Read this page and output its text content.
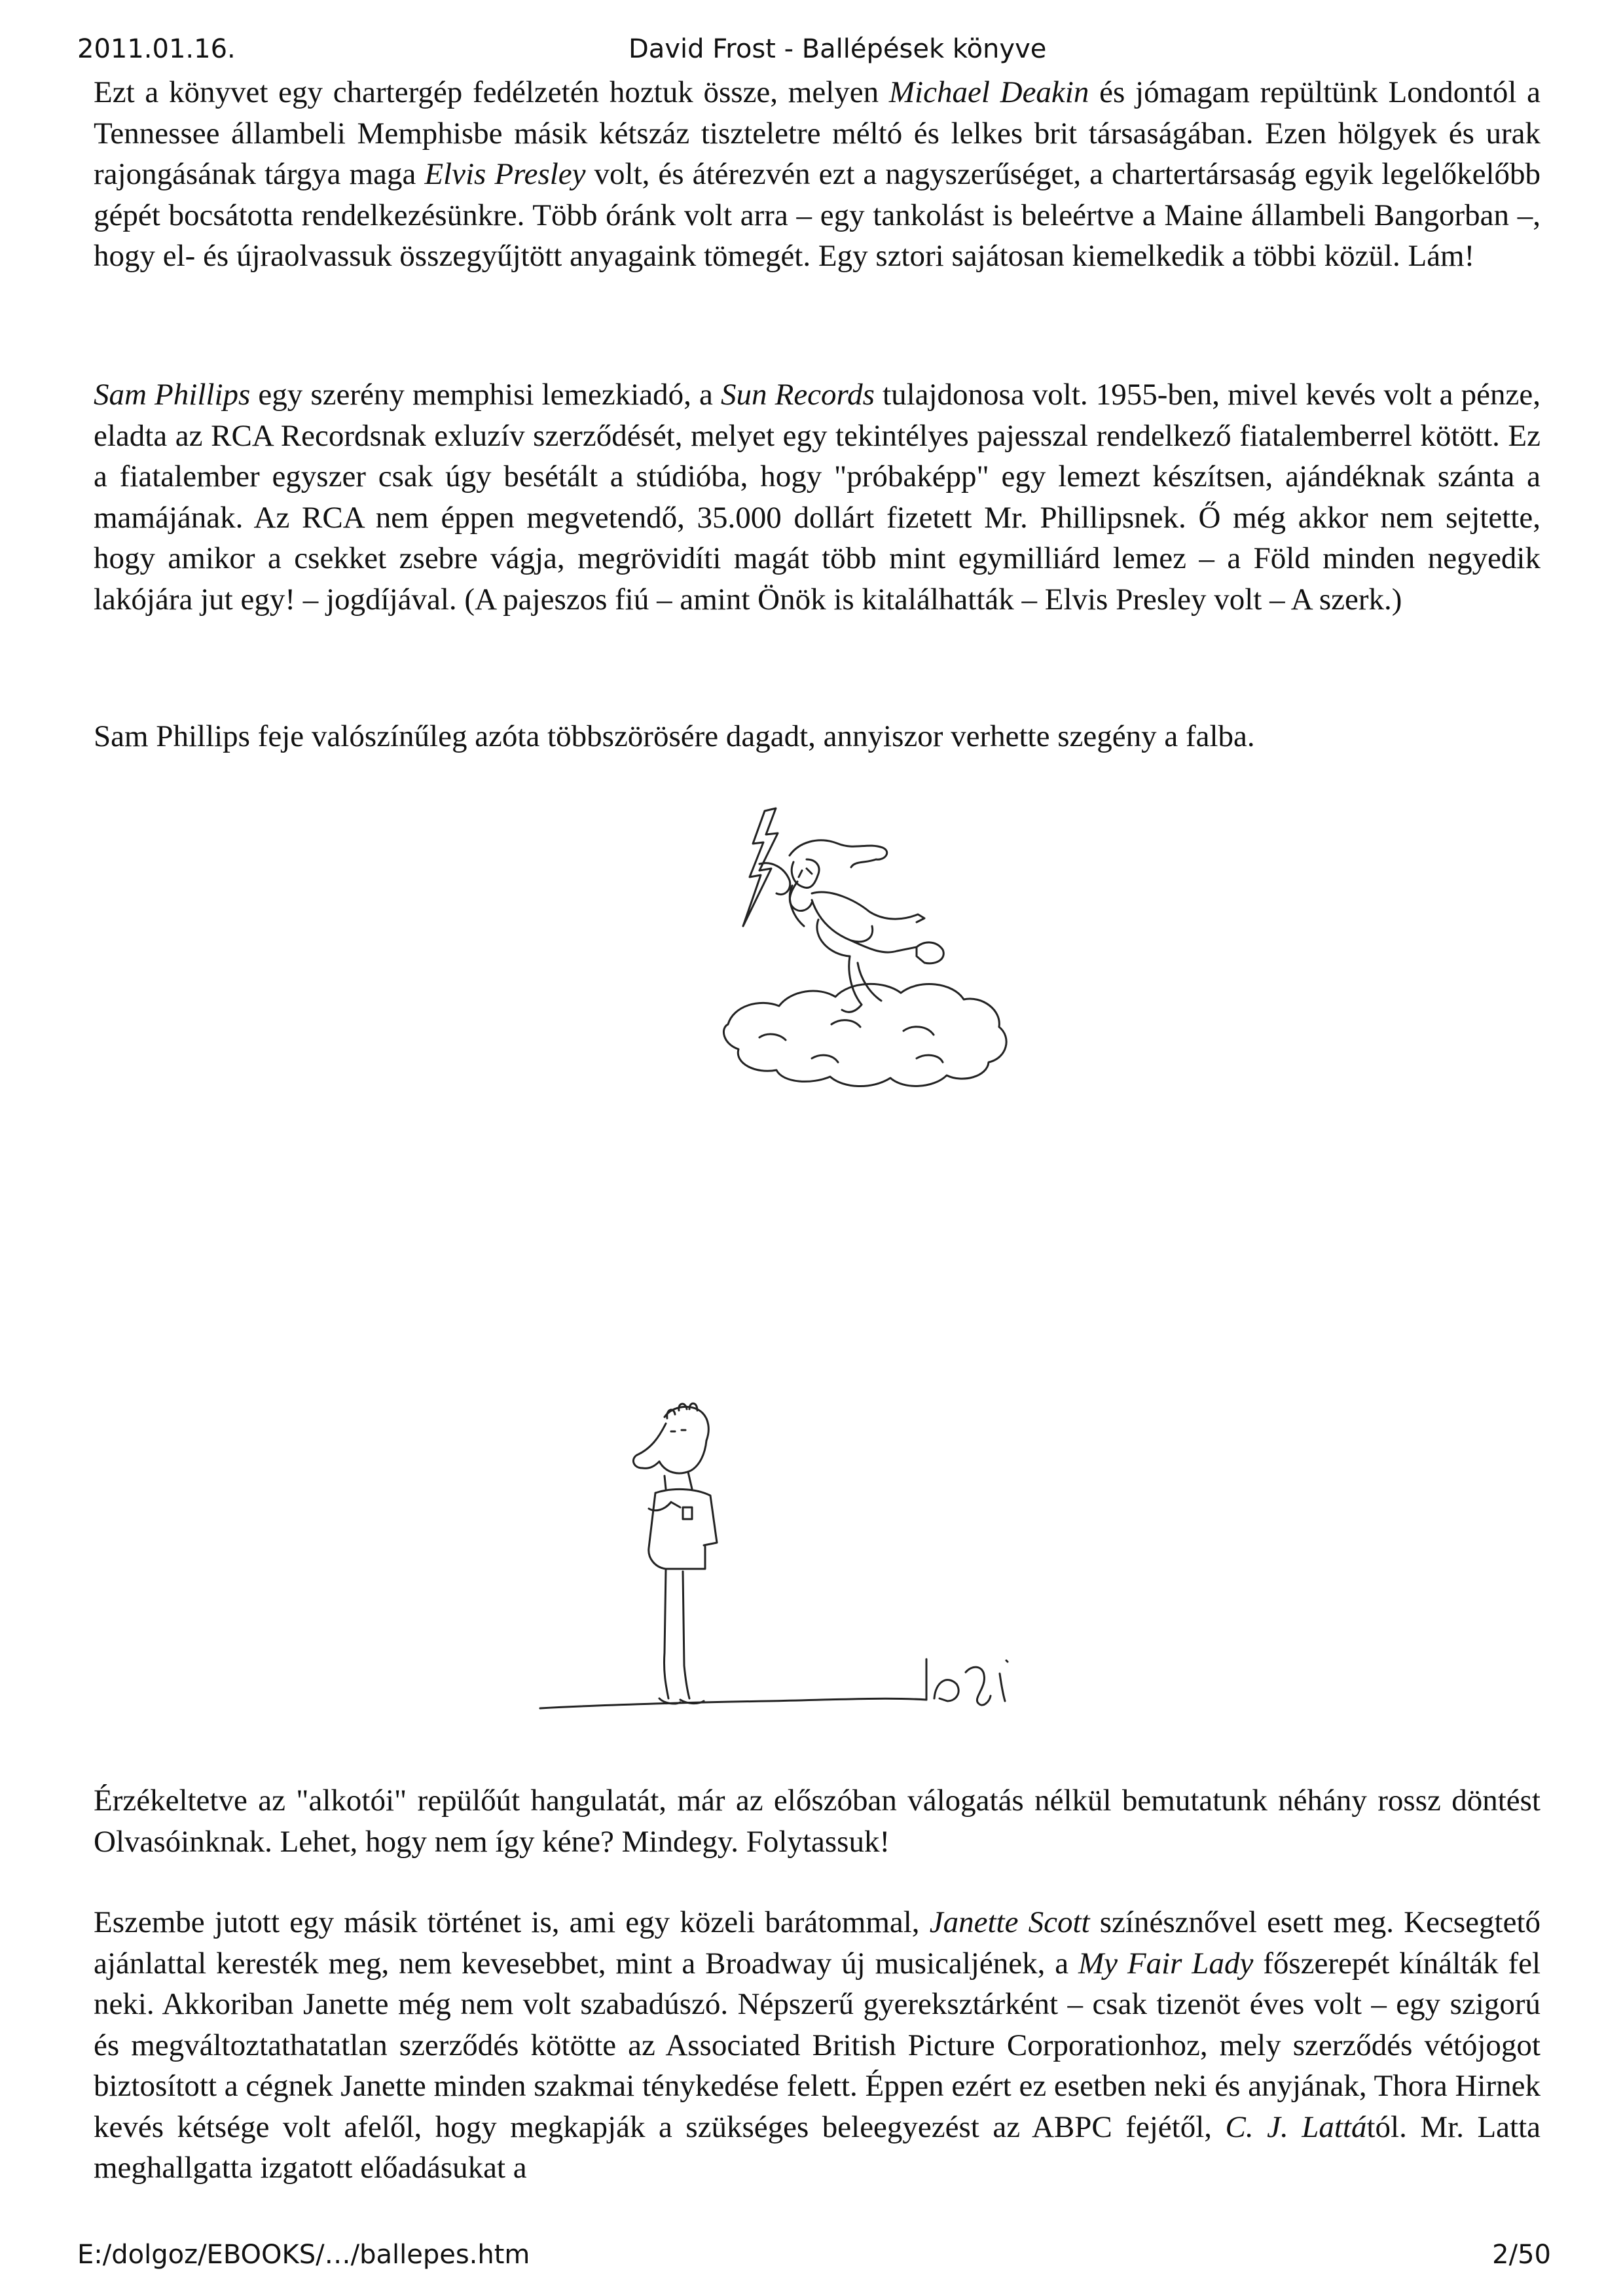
2011.01.16.	David Frost - Ballépések könyve

Ezt a könyvet egy chartergép fedélzetén hoztuk össze, melyen Michael Deakin és jómagam repültünk Londontól a Tennessee állambeli Memphisbe másik kétszáz tiszteletre méltó és lelkes brit társaságában. Ezen hölgyek és urak rajongásának tárgya maga Elvis Presley volt, és átérezvén ezt a nagyszerűséget, a chartertársaság egyik legelőkelőbb gépét bocsátotta rendelkezésünkre. Több óránk volt arra – egy tankolást is beleértve a Maine állambeli Bangorban –, hogy el- és újraolvassuk összegyűjtött anyagaink tömegét. Egy sztori sajátosan kiemelkedik a többi közül. Lám!

Sam Phillips egy szerény memphisi lemezkiadó, a Sun Records tulajdonosa volt. 1955-ben, mivel kevés volt a pénze, eladta az RCA Recordsnak exluzív szerződését, melyet egy tekintélyes pajesszal rendelkező fiatalemberrel kötött. Ez a fiatalember egyszer csak úgy besétált a stúdióba, hogy "próbaképp" egy lemezt készítsen, ajándéknak szánta a mamájának. Az RCA nem éppen megvetendő, 35.000 dollárt fizetett Mr. Phillipsnek. Ő még akkor nem sejtette, hogy amikor a csekket zsebre vágja, megrövidíti magát több mint egymilliárd lemez – a Föld minden negyedik lakójára jut egy! – jogdíjával. (A pajeszos fiú – amint Önök is kitalálhatták – Elvis Presley volt – A szerk.)

Sam Phillips feje valószínűleg azóta többszörösére dagadt, annyiszor verhette szegény a falba.

Érzékeltetve az "alkotói" repülőút hangulatát, már az előszóban válogatás nélkül bemutatunk néhány rossz döntést Olvasóinknak. Lehet, hogy nem így kéne? Mindegy. Folytassuk!

Eszembe jutott egy másik történet is, ami egy közeli barátommal, Janette Scott színésznővel esett meg. Kecsegtető ajánlattal keresték meg, nem kevesebbet, mint a Broadway új musicaljének, a My Fair Lady főszerepét kínálták fel neki. Akkoriban Janette még nem volt szabadúszó. Népszerű gyereksztárként – csak tizenöt éves volt – egy szigorú és megváltoztathatatlan szerződés kötötte az Associated British Picture Corporationhoz, mely szerződés vétójogot biztosított a cégnek Janette minden szakmai ténykedése felett. Éppen ezért ez esetben neki és anyjának, Thora Hirnek kevés kétsége volt afelől, hogy megkapják a szükséges beleegyezést az ABPC fejétől, C. J. Lattától. Mr. Latta meghallgatta izgatott előadásukat a

E:/dolgoz/EBOOKS/…/ballepes.htm	2/50
